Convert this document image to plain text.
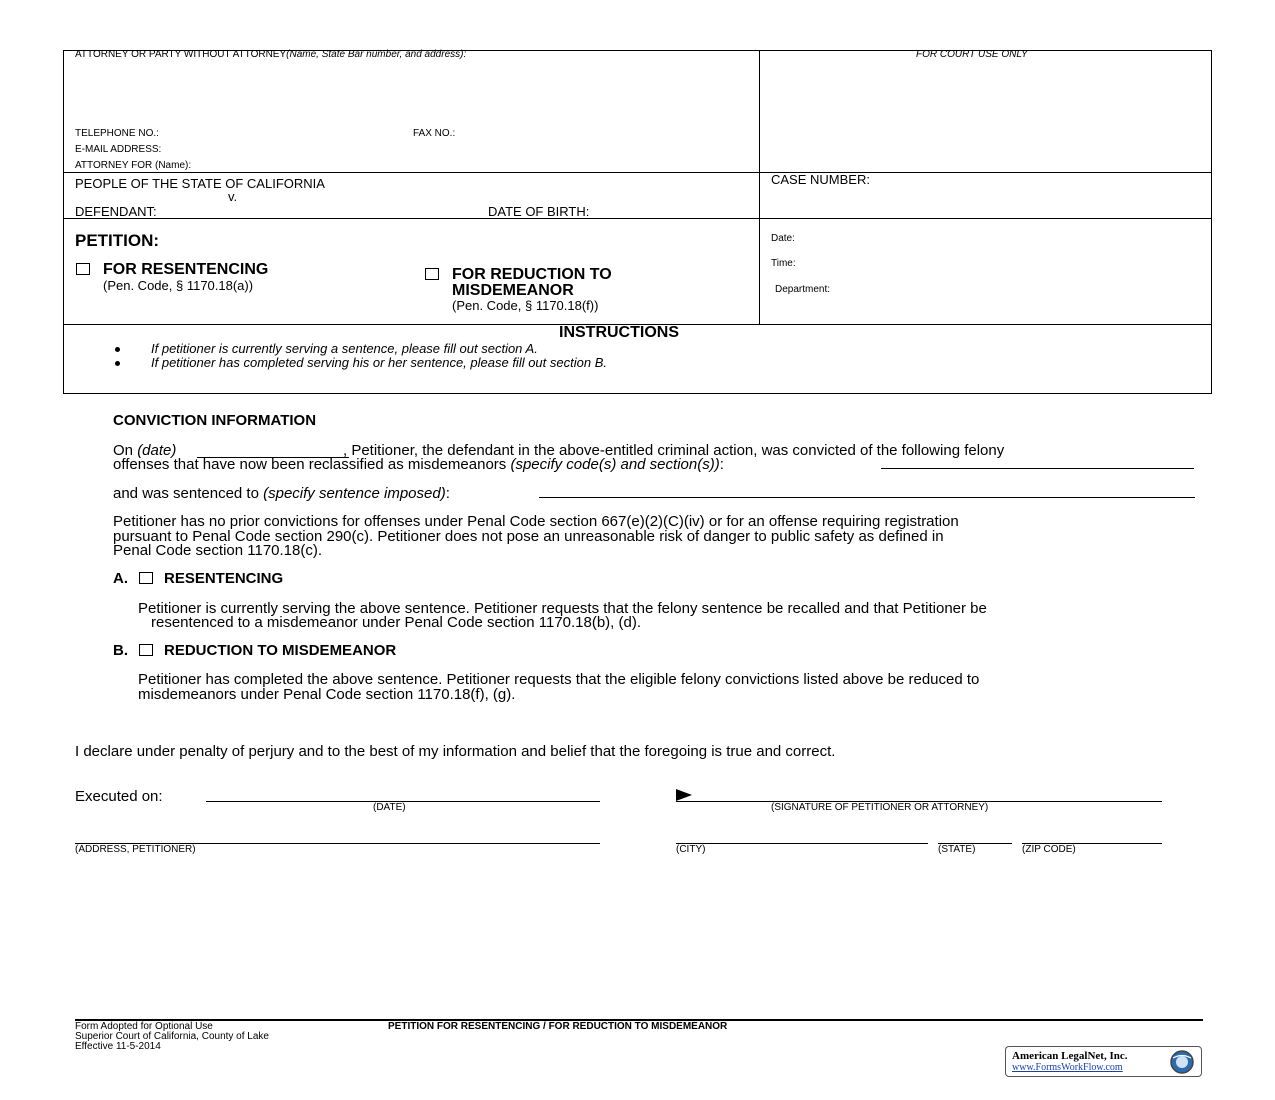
ATTORNEY OR PARTY WITHOUT ATTORNEY(Name, State Bar number, and address):	FOR COURT USE ONLY
TELEPHONE NO.:	FAX NO.:
E-MAIL ADDRESS:
ATTORNEY FOR (Name):
PEOPLE OF THE STATE OF CALIFORNIA
v.
DEFENDANT:	DATE OF BIRTH:
CASE NUMBER:
PETITION:
FOR RESENTENCING
(Pen. Code, § 1170.18(a))
FOR REDUCTION TO
MISDEMEANOR
(Pen. Code, § 1170.18(f))
Date:
Time:
Department:
INSTRUCTIONS
If petitioner is currently serving a sentence, please fill out section A.
If petitioner has completed serving his or her sentence, please fill out section B.
CONVICTION INFORMATION
On (date)	, Petitioner, the defendant in the above-entitled criminal action, was convicted of the following felony
offenses that have now been reclassified as misdemeanors (specify code(s) and section(s)):
and was sentenced to (specify sentence imposed):
Petitioner has no prior convictions for offenses under Penal Code section 667(e)(2)(C)(iv) or for an offense requiring registration
pursuant to Penal Code section 290(c). Petitioner does not pose an unreasonable risk of danger to public safety as defined in
Penal Code section 1170.18(c).
A. RESENTENCING
Petitioner is currently serving the above sentence. Petitioner requests that the felony sentence be recalled and that Petitioner be
resentenced to a misdemeanor under Penal Code section 1170.18(b), (d).
B. REDUCTION TO MISDEMEANOR
Petitioner has completed the above sentence. Petitioner requests that the eligible felony convictions listed above be reduced to
misdemeanors under Penal Code section 1170.18(f), (g).
I declare under penalty of perjury and to the best of my information and belief that the foregoing is true and correct.
Executed on:
(DATE)	(SIGNATURE OF PETITIONER OR ATTORNEY)
(ADDRESS, PETITIONER)	(CITY)	(STATE)	(ZIP CODE)
Form Adopted for Optional Use
Superior Court of California, County of Lake
Effective 11-5-2014
PETITION FOR RESENTENCING / FOR REDUCTION TO MISDEMEANOR
American LegalNet, Inc.
www.FormsWorkFlow.com
